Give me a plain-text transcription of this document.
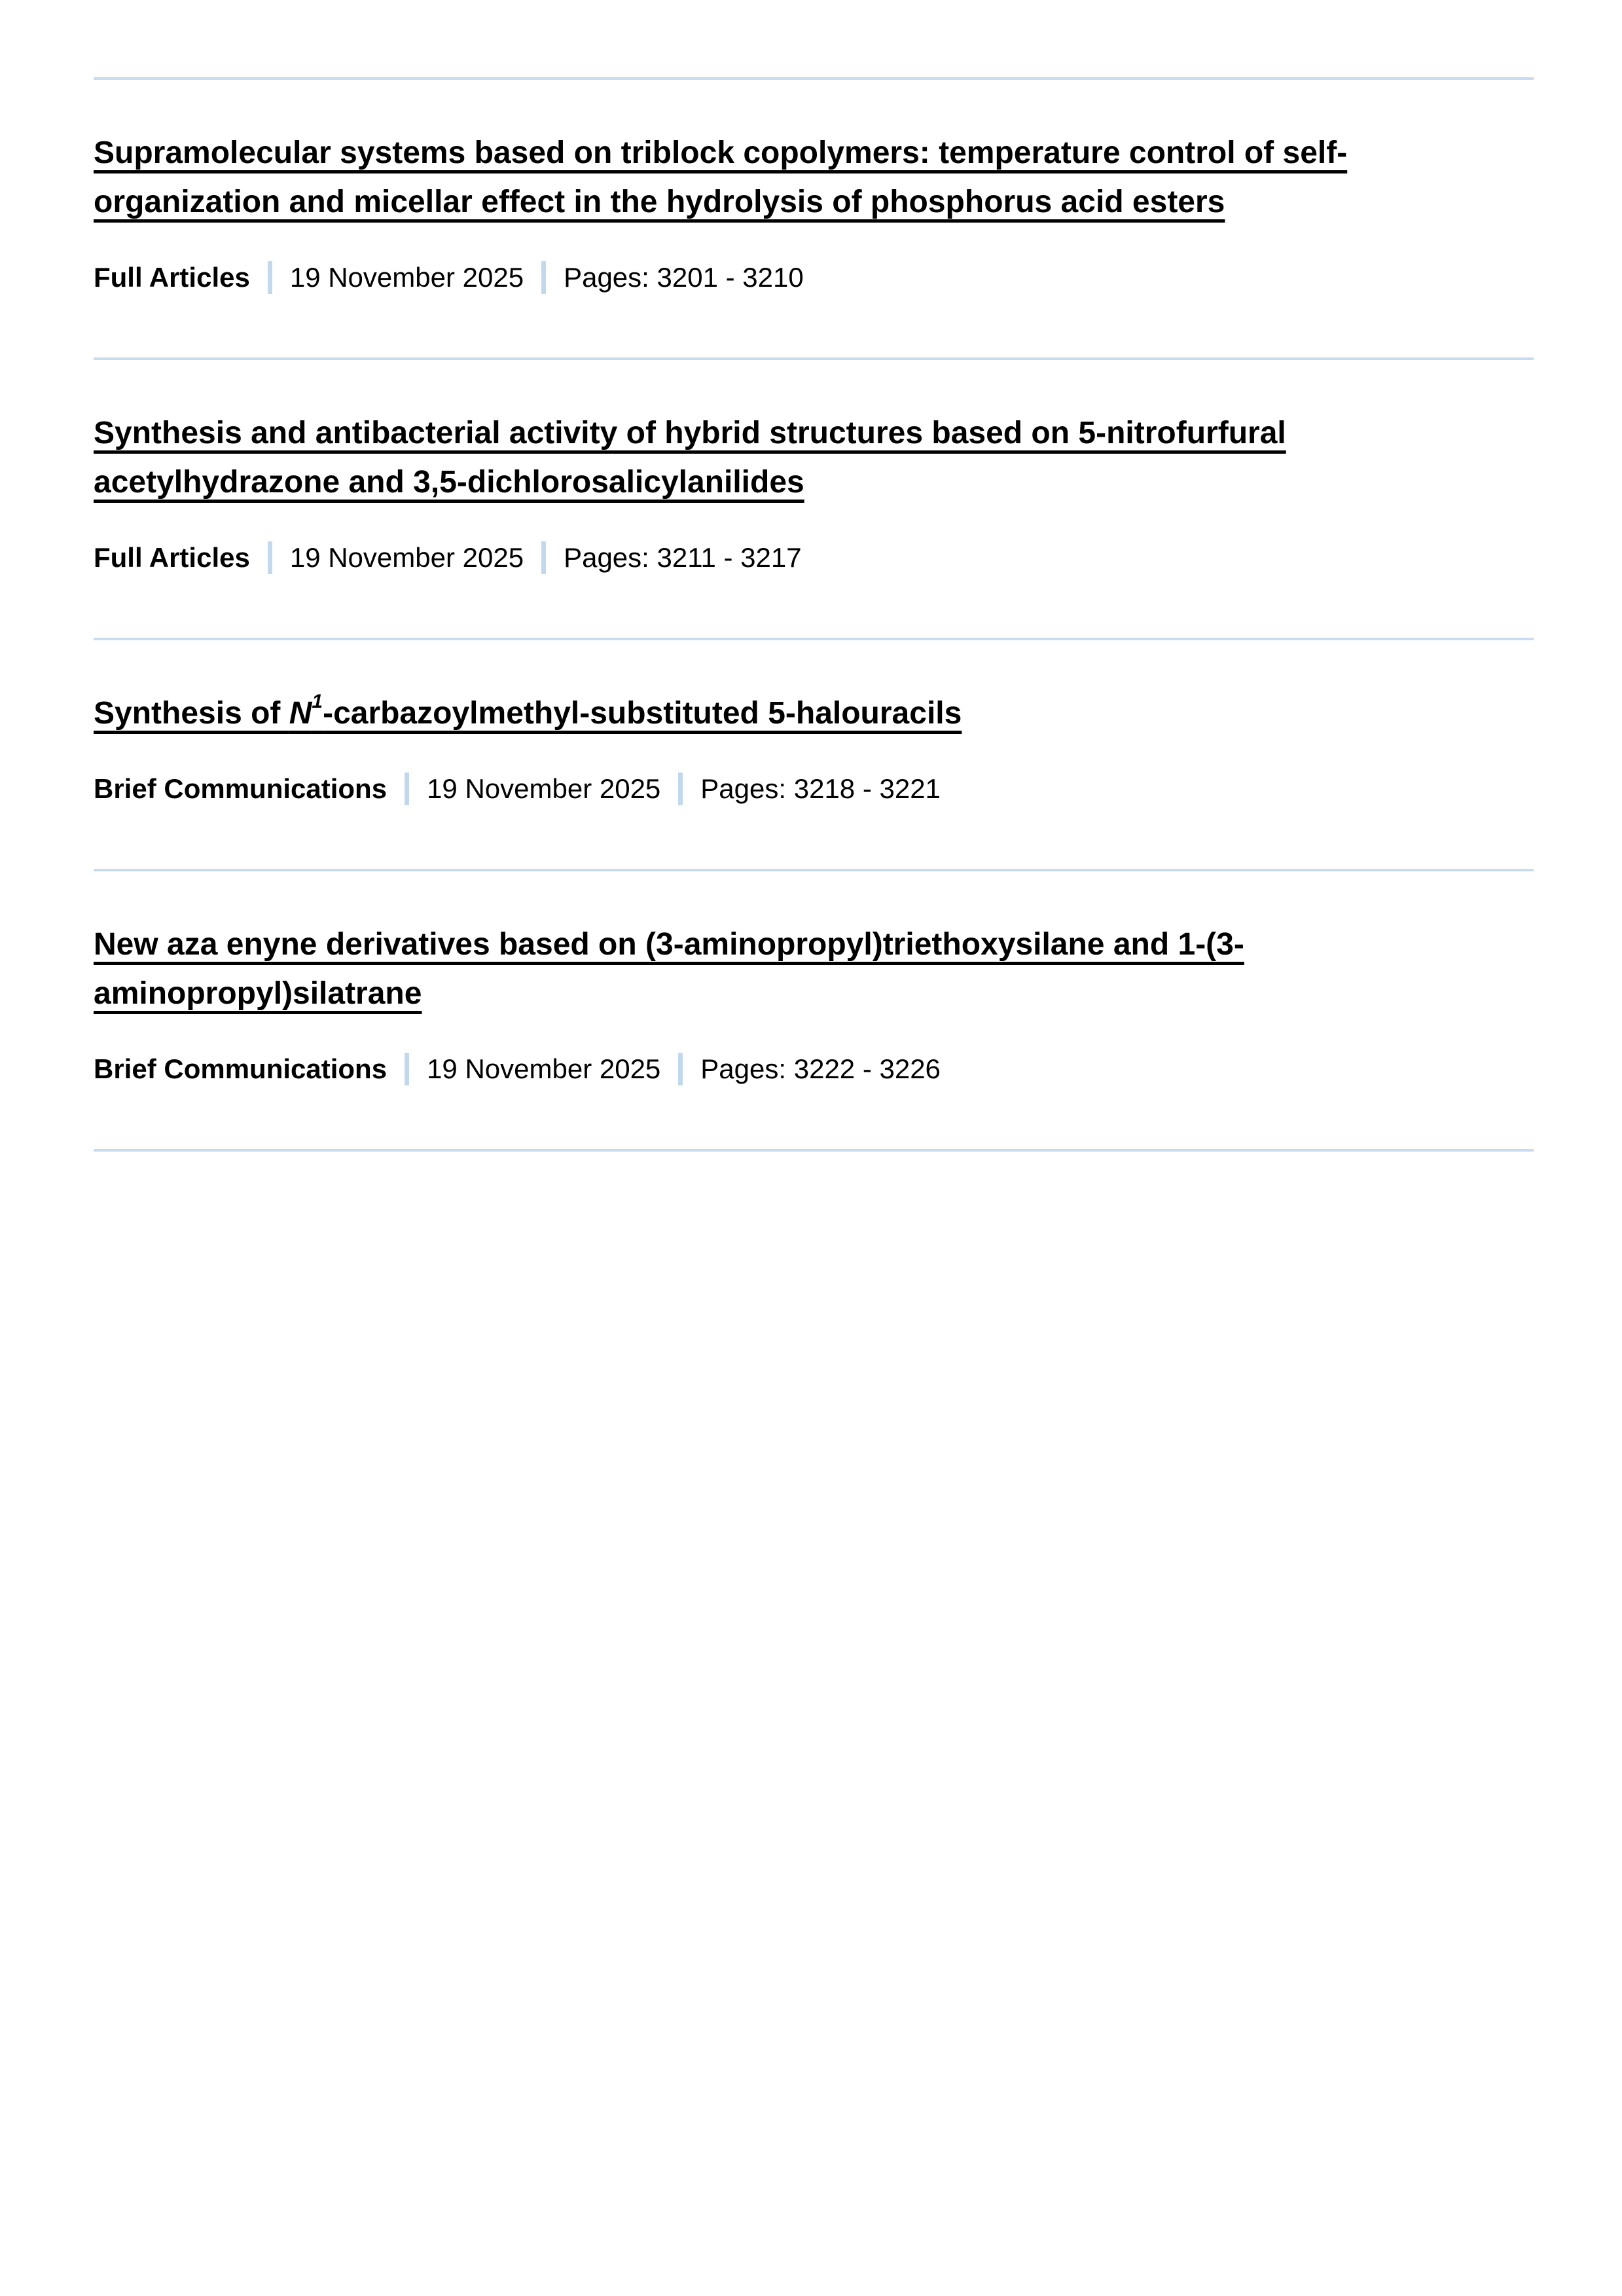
Supramolecular systems based on triblock copolymers: temperature control of self-organization and micellar effect in the hydrolysis of phosphorus acid esters
Full Articles 19 November 2025 Pages: 3201 - 3210
Synthesis and antibacterial activity of hybrid structures based on 5-nitrofurfural acetylhydrazone and 3,5-dichlorosalicylanilides
Full Articles 19 November 2025 Pages: 3211 - 3217
Synthesis of $N^1-carbazoylmethyl$-substituted 5-halouracils
Brief Communications 19 November 2025 Pages: 3218 - 3221
New aza enyne derivatives based on (3-aminopropyl)triethoxysilane and 1-(3-aminopropyl)silatrane
Brief Communications 19 November 2025 Pages: 3222 - 3226
